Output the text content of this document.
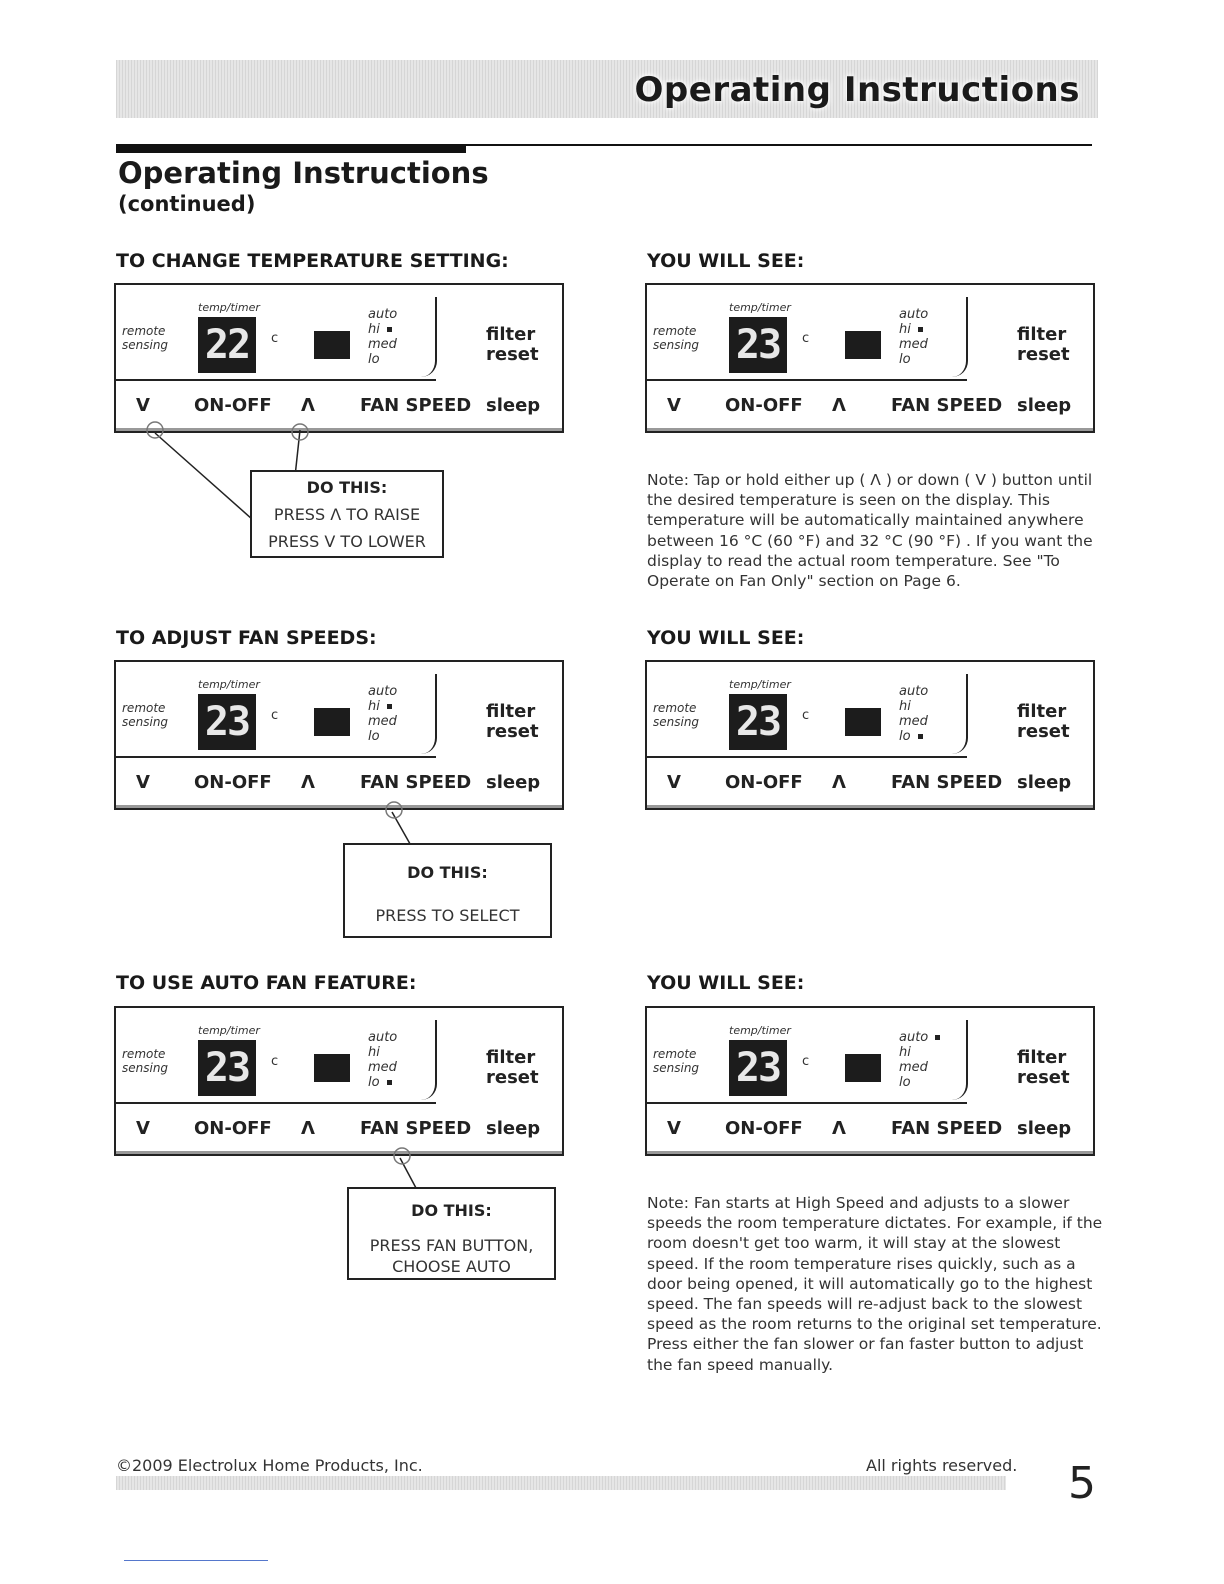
Operating Instructions
Operating Instructions
(continued)
TO CHANGE TEMPERATURE SETTING:	YOU WILL SEE:
TO ADJUST FAN SPEEDS:	YOU WILL SEE:
TO USE AUTO FAN FEATURE:	YOU WILL SEE:
temp/timer
remote
sensing 22	c
auto
hi
med
lo
filter
reset
V ON-OFF Λ	FAN SPEED sleep
temp/timer
remote
sensing 23	c
auto
hi
med
lo
filter
reset
V ON-OFF Λ	FAN SPEED sleep
temp/timer
remote
sensing 23	c
auto
hi
med
lo
filter
reset
V ON-OFF Λ	FAN SPEED sleep
temp/timer
remote
sensing 23	c
auto
hi
med
lo
filter
reset
V ON-OFF Λ	FAN SPEED sleep
temp/timer
remote
sensing 23	c
auto
hi
med
lo
filter
reset
V ON-OFF Λ	FAN SPEED sleep
temp/timer
remote
sensing 23	c
auto
hi
med
lo
filter
reset
V ON-OFF Λ	FAN SPEED sleep
DO THIS:
PRESS Λ TO RAISE
PRESS V TO LOWER
DO THIS:
PRESS TO SELECT
DO THIS:
PRESS FAN BUTTON,
CHOOSE AUTO
Note: Tap or hold either up ( Λ ) or down ( V ) button until the desired temperature is seen on the display. This temperature will be automatically maintained anywhere between 16 °C (60 °F) and 32 °C (90 °F) . If you want the display to read the actual room temperature. See "To Operate on Fan Only" section on Page 6.
Note: Fan starts at High Speed and adjusts to a slower speeds the room temperature dictates. For example, if the room doesn't get too warm, it will stay at the slowest speed. If the room temperature rises quickly, such as a door being opened, it will automatically go to the highest speed. The fan speeds will re-adjust back to the slowest speed as the room returns to the original set temperature. Press either the fan slower or fan faster button to adjust the fan speed manually.
©2009 Electrolux Home Products, Inc.	All rights reserved. 5
